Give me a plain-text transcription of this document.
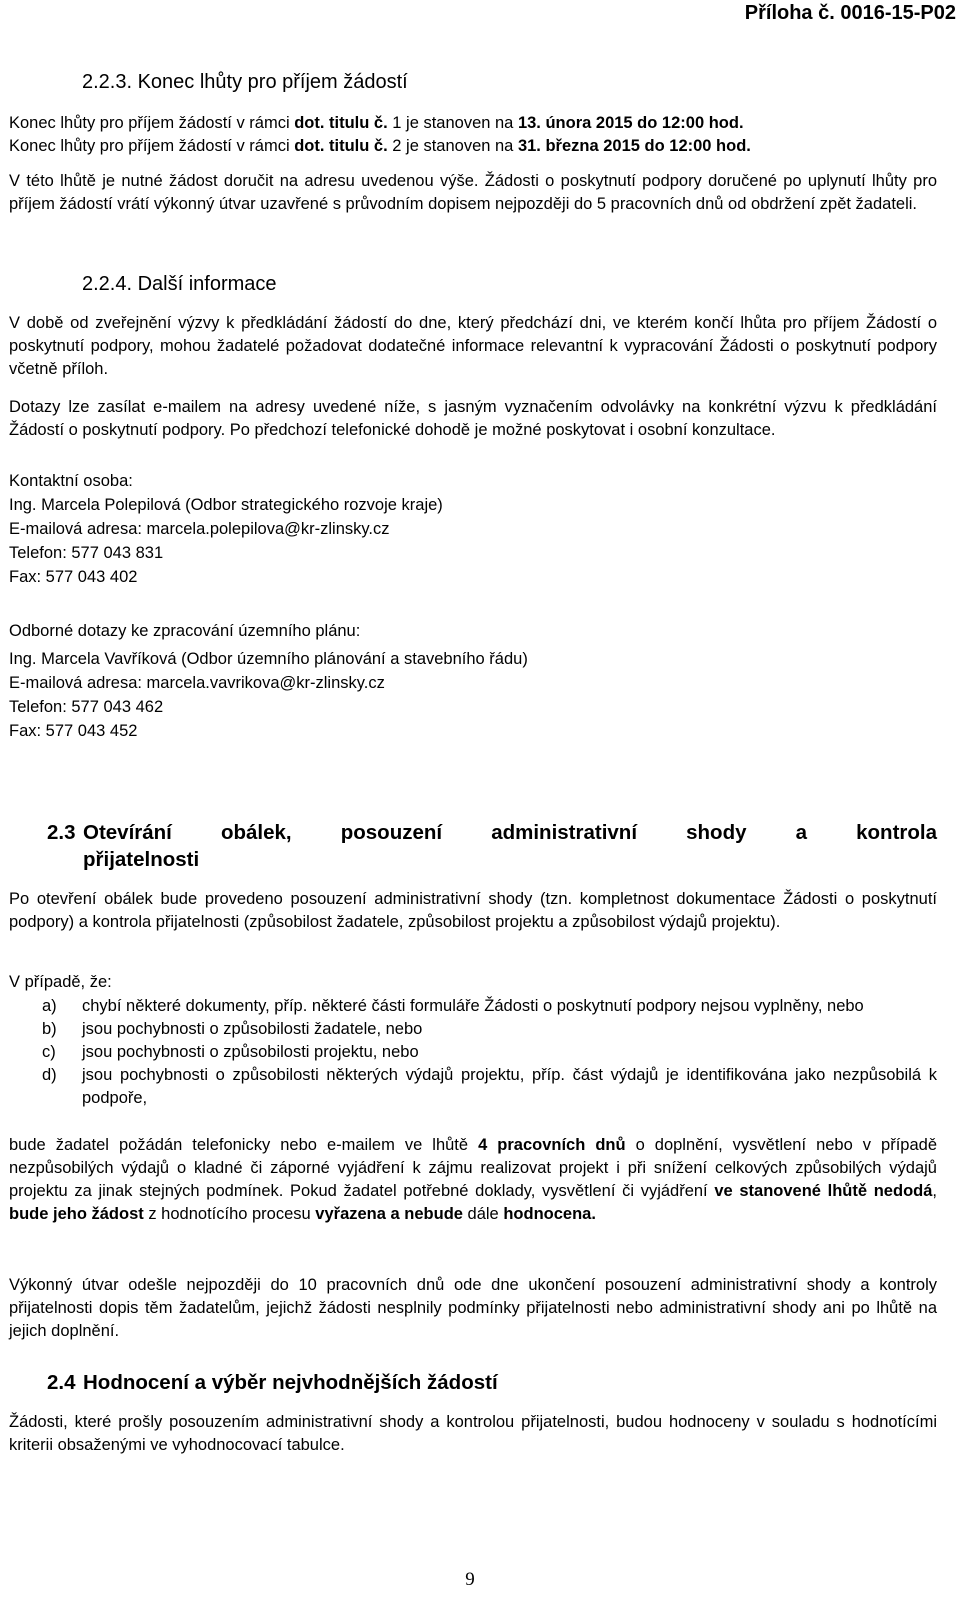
Příloha č. 0016-15-P02
2.2.3. Konec lhůty pro příjem žádostí
Konec lhůty pro příjem žádostí v rámci dot. titulu č. 1 je stanoven na 13. února 2015 do 12:00 hod.
Konec lhůty pro příjem žádostí v rámci dot. titulu č. 2 je stanoven na 31. března 2015 do 12:00 hod.
V této lhůtě je nutné žádost doručit na adresu uvedenou výše. Žádosti o poskytnutí podpory doručené po uplynutí lhůty pro příjem žádostí vrátí výkonný útvar uzavřené s průvodním dopisem nejpozději do 5 pracovních dnů od obdržení zpět žadateli.
2.2.4. Další informace
V době od zveřejnění výzvy k předkládání žádostí do dne, který předchází dni, ve kterém končí lhůta pro příjem Žádostí o poskytnutí podpory, mohou žadatelé požadovat dodatečné informace relevantní k vypracování Žádosti o poskytnutí podpory včetně příloh.
Dotazy lze zasílat e-mailem na adresy uvedené níže, s jasným vyznačením odvolávky na konkrétní výzvu k předkládání Žádostí o poskytnutí podpory. Po předchozí telefonické dohodě je možné poskytovat i osobní konzultace.
Kontaktní osoba:
Ing. Marcela Polepilová (Odbor strategického rozvoje kraje)
E-mailová adresa: marcela.polepilova@kr-zlinsky.cz
Telefon: 577 043 831
Fax: 577 043 402
Odborné dotazy ke zpracování územního plánu:
Ing. Marcela Vavříková (Odbor územního plánování a stavebního řádu)
E-mailová adresa: marcela.vavrikova@kr-zlinsky.cz
Telefon: 577 043 462
Fax: 577 043 452
2.3 Otevírání obálek, posouzení administrativní shody a kontrola
přijatelnosti
Po otevření obálek bude provedeno posouzení administrativní shody (tzn. kompletnost dokumentace Žádosti o poskytnutí podpory) a kontrola přijatelnosti (způsobilost žadatele, způsobilost projektu a způsobilost výdajů projektu).
V případě, že:
a) chybí některé dokumenty, příp. některé části formuláře Žádosti o poskytnutí podpory nejsou vyplněny, nebo
b) jsou pochybnosti o způsobilosti žadatele, nebo
c) jsou pochybnosti o způsobilosti projektu, nebo
d) jsou pochybnosti o způsobilosti některých výdajů projektu, příp. část výdajů je identifikována jako nezpůsobilá k podpoře,
bude žadatel požádán telefonicky nebo e-mailem ve lhůtě 4 pracovních dnů o doplnění, vysvětlení nebo v případě nezpůsobilých výdajů o kladné či záporné vyjádření k zájmu realizovat projekt i při snížení celkových způsobilých výdajů projektu za jinak stejných podmínek. Pokud žadatel potřebné doklady, vysvětlení či vyjádření ve stanovené lhůtě nedodá, bude jeho žádost z hodnotícího procesu vyřazena a nebude dále hodnocena.
Výkonný útvar odešle nejpozději do 10 pracovních dnů ode dne ukončení posouzení administrativní shody a kontroly přijatelnosti dopis těm žadatelům, jejichž žádosti nesplnily podmínky přijatelnosti nebo administrativní shody ani po lhůtě na jejich doplnění.
2.4 Hodnocení a výběr nejvhodnějších žádostí
Žádosti, které prošly posouzením administrativní shody a kontrolou přijatelnosti, budou hodnoceny v souladu s hodnotícími kriterii obsaženými ve vyhodnocovací tabulce.
9
